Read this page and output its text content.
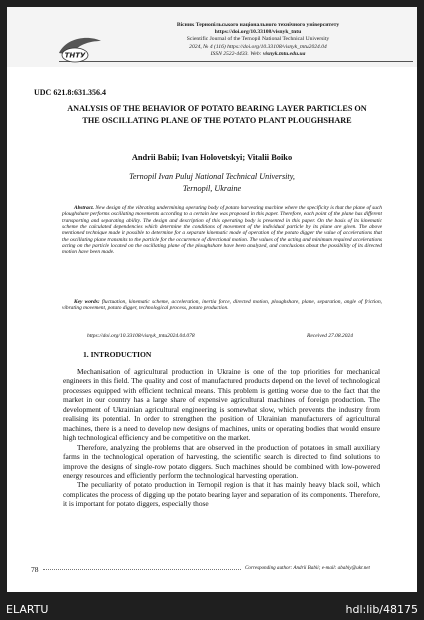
ТНТУ
Вісник Тернопільського національного технічного університету
https://doi.org/10.33108/visnyk_tntu
Scientific Journal of the Ternopil National Technical University
2024, № 4 (116) https://doi.org/10.33108/visnyk_tntu2024.04
ISSN 2522-4433. Web: visnyk.tntu.edu.ua
UDC 621.8:631.356.4
ANALYSIS OF THE BEHAVIOR OF POTATO BEARING LAYER PARTICLES ON THE OSCILLATING PLANE OF THE POTATO PLANT PLOUGHSHARE
Andrii Babii; Ivan Holovetskyi; Vitalii Boiko
Ternopil Ivan Puluj National Technical University,
Ternopil, Ukraine
Abstract. New design of the vibrating undermining operating body of potato harvesting machine where the specificity is that the plane of such ploughshare performs oscillating movements according to a certain law was proposed in this paper. Therefore, each point of the plane has different transporting and separating ability. The design and description of this operating body is presented in this paper. On the basis of its kinematic scheme the calculated dependencies which determine the conditions of movement of the individual particle by its plane are given. The above mentioned technique made it possible to determine for a separate kinematic mode of operation of the potato digger the value of accelerations that the oscillating plane transmits to the particle for the occurrence of directional motion. The values of the acting and minimum required accelerations acting on the particle located on the oscillating plane of the ploughshare have been analyzed, and conclusions about the possibility of its directed motion have been made.
Key words: fluctuation, kinematic scheme, acceleration, inertia force, directed motion, ploughshare, plane, separation, angle of friction, vibrating movement, potato digger, technological process, potato production.
https://doi.org/10.33108/visnyk_tntu2024.04.078	Received 27.08.2024
1. INTRODUCTION

Mechanisation of agricultural production in Ukraine is one of the top priorities for mechanical engineers in this field. The quality and cost of manufactured products depend on the level of technological processes equipped with efficient technical means. This problem is getting worse due to the fact that the market in our country has a large share of expensive agricultural machines of foreign production. The development of Ukrainian agricultural engineering is somewhat slow, which prevents the industry from realising its potential. In order to strengthen the position of Ukrainian manufacturers of agricultural machines, there is a need to develop new designs of machines, units or operating bodies that would ensure high technological efficiency and be competitive on the market.

Therefore, analyzing the problems that are observed in the production of potatoes in small auxiliary farms in the technological operation of harvesting, the scientific search is directed to find solutions to improve the designs of single-row potato diggers. Such machines should be combined with low-powered energy resources and efficiently perform the technological harvesting operation.

The peculiarity of potato production in Ternopil region is that it has mainly heavy black soil, which complicates the process of digging up the potato bearing layer and separation of its components. Therefore, it is important for potato diggers, especially those

78	Corresponding author: Andrii Babii; e-mail: ababiy@ukr.net
ELARTU	hdl:lib/48175
